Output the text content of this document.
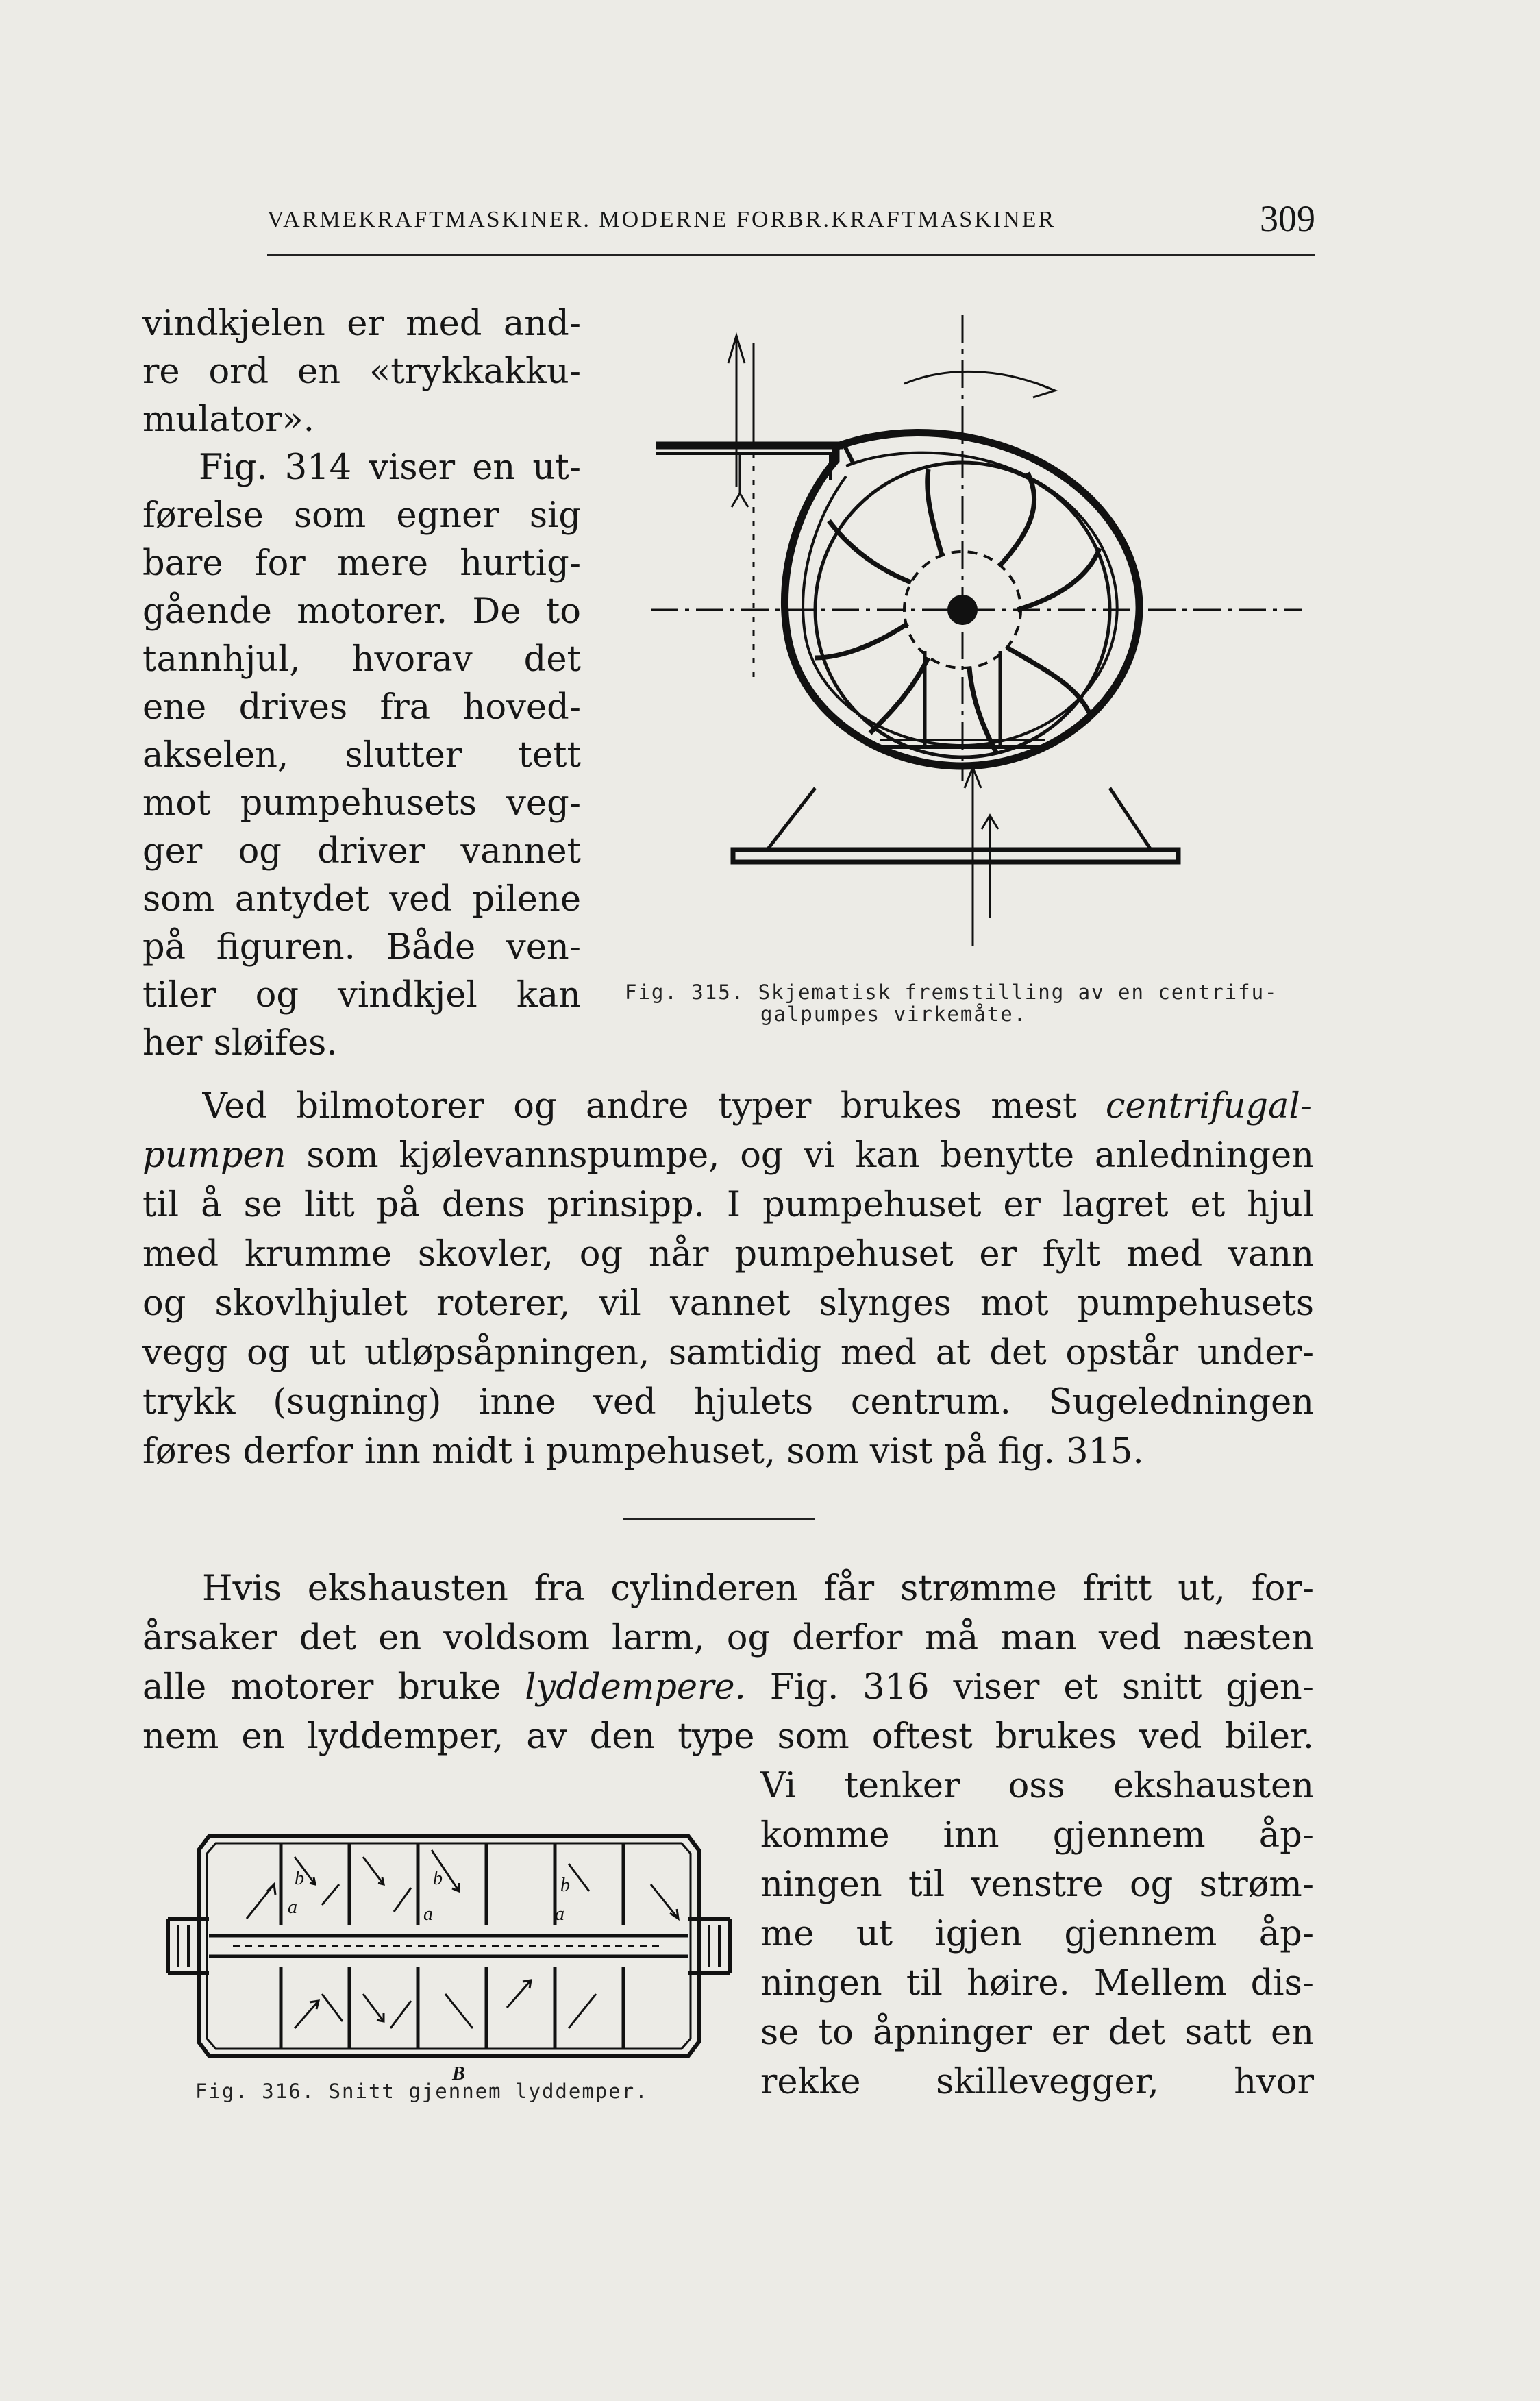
VARMEKRAFTMASKINER. MODERNE FORBR.KRAFTMASKINER	309
vindkjelen er med and-
re ord en «trykkakku-
mulator».
Fig. 314 viser en ut-
førelse som egner sig
bare for mere hurtig-
gående motorer. De to
tannhjul, hvorav det
ene drives fra hoved-
akselen, slutter tett
mot pumpehusets veg-
ger og driver vannet
som antydet ved pilene
på figuren. Både ven-
tiler og vindkjel kan
her sløifes.
Fig. 315. Skjematisk fremstilling av en centrifu-
galpumpes virkemåte.
Ved bilmotorer og andre typer brukes mest centrifugal-
pumpen som kjølevannspumpe, og vi kan benytte anledningen
til å se litt på dens prinsipp. I pumpehuset er lagret et hjul
med krumme skovler, og når pumpehuset er fylt med vann
og skovlhjulet roterer, vil vannet slynges mot pumpehusets
vegg og ut utløpsåpningen, samtidig med at det opstår under-
trykk (sugning) inne ved hjulets centrum. Sugeledningen
føres derfor inn midt i pumpehuset, som vist på fig. 315.
Hvis ekshausten fra cylinderen får strømme fritt ut, for-
årsaker det en voldsom larm, og derfor må man ved næsten
alle motorer bruke lyddempere. Fig. 316 viser et snitt gjen-
nem en lyddemper, av den type som oftest brukes ved biler.
Vi tenker oss ekshausten
komme inn gjennem åp-
ningen til venstre og strøm-
me ut igjen gjennem åp-
ningen til høire. Mellem dis-
se to åpninger er det satt en
rekke skillevegger, hvor
b	b	b
a	a	a
B
Fig. 316. Snitt gjennem lyddemper.
